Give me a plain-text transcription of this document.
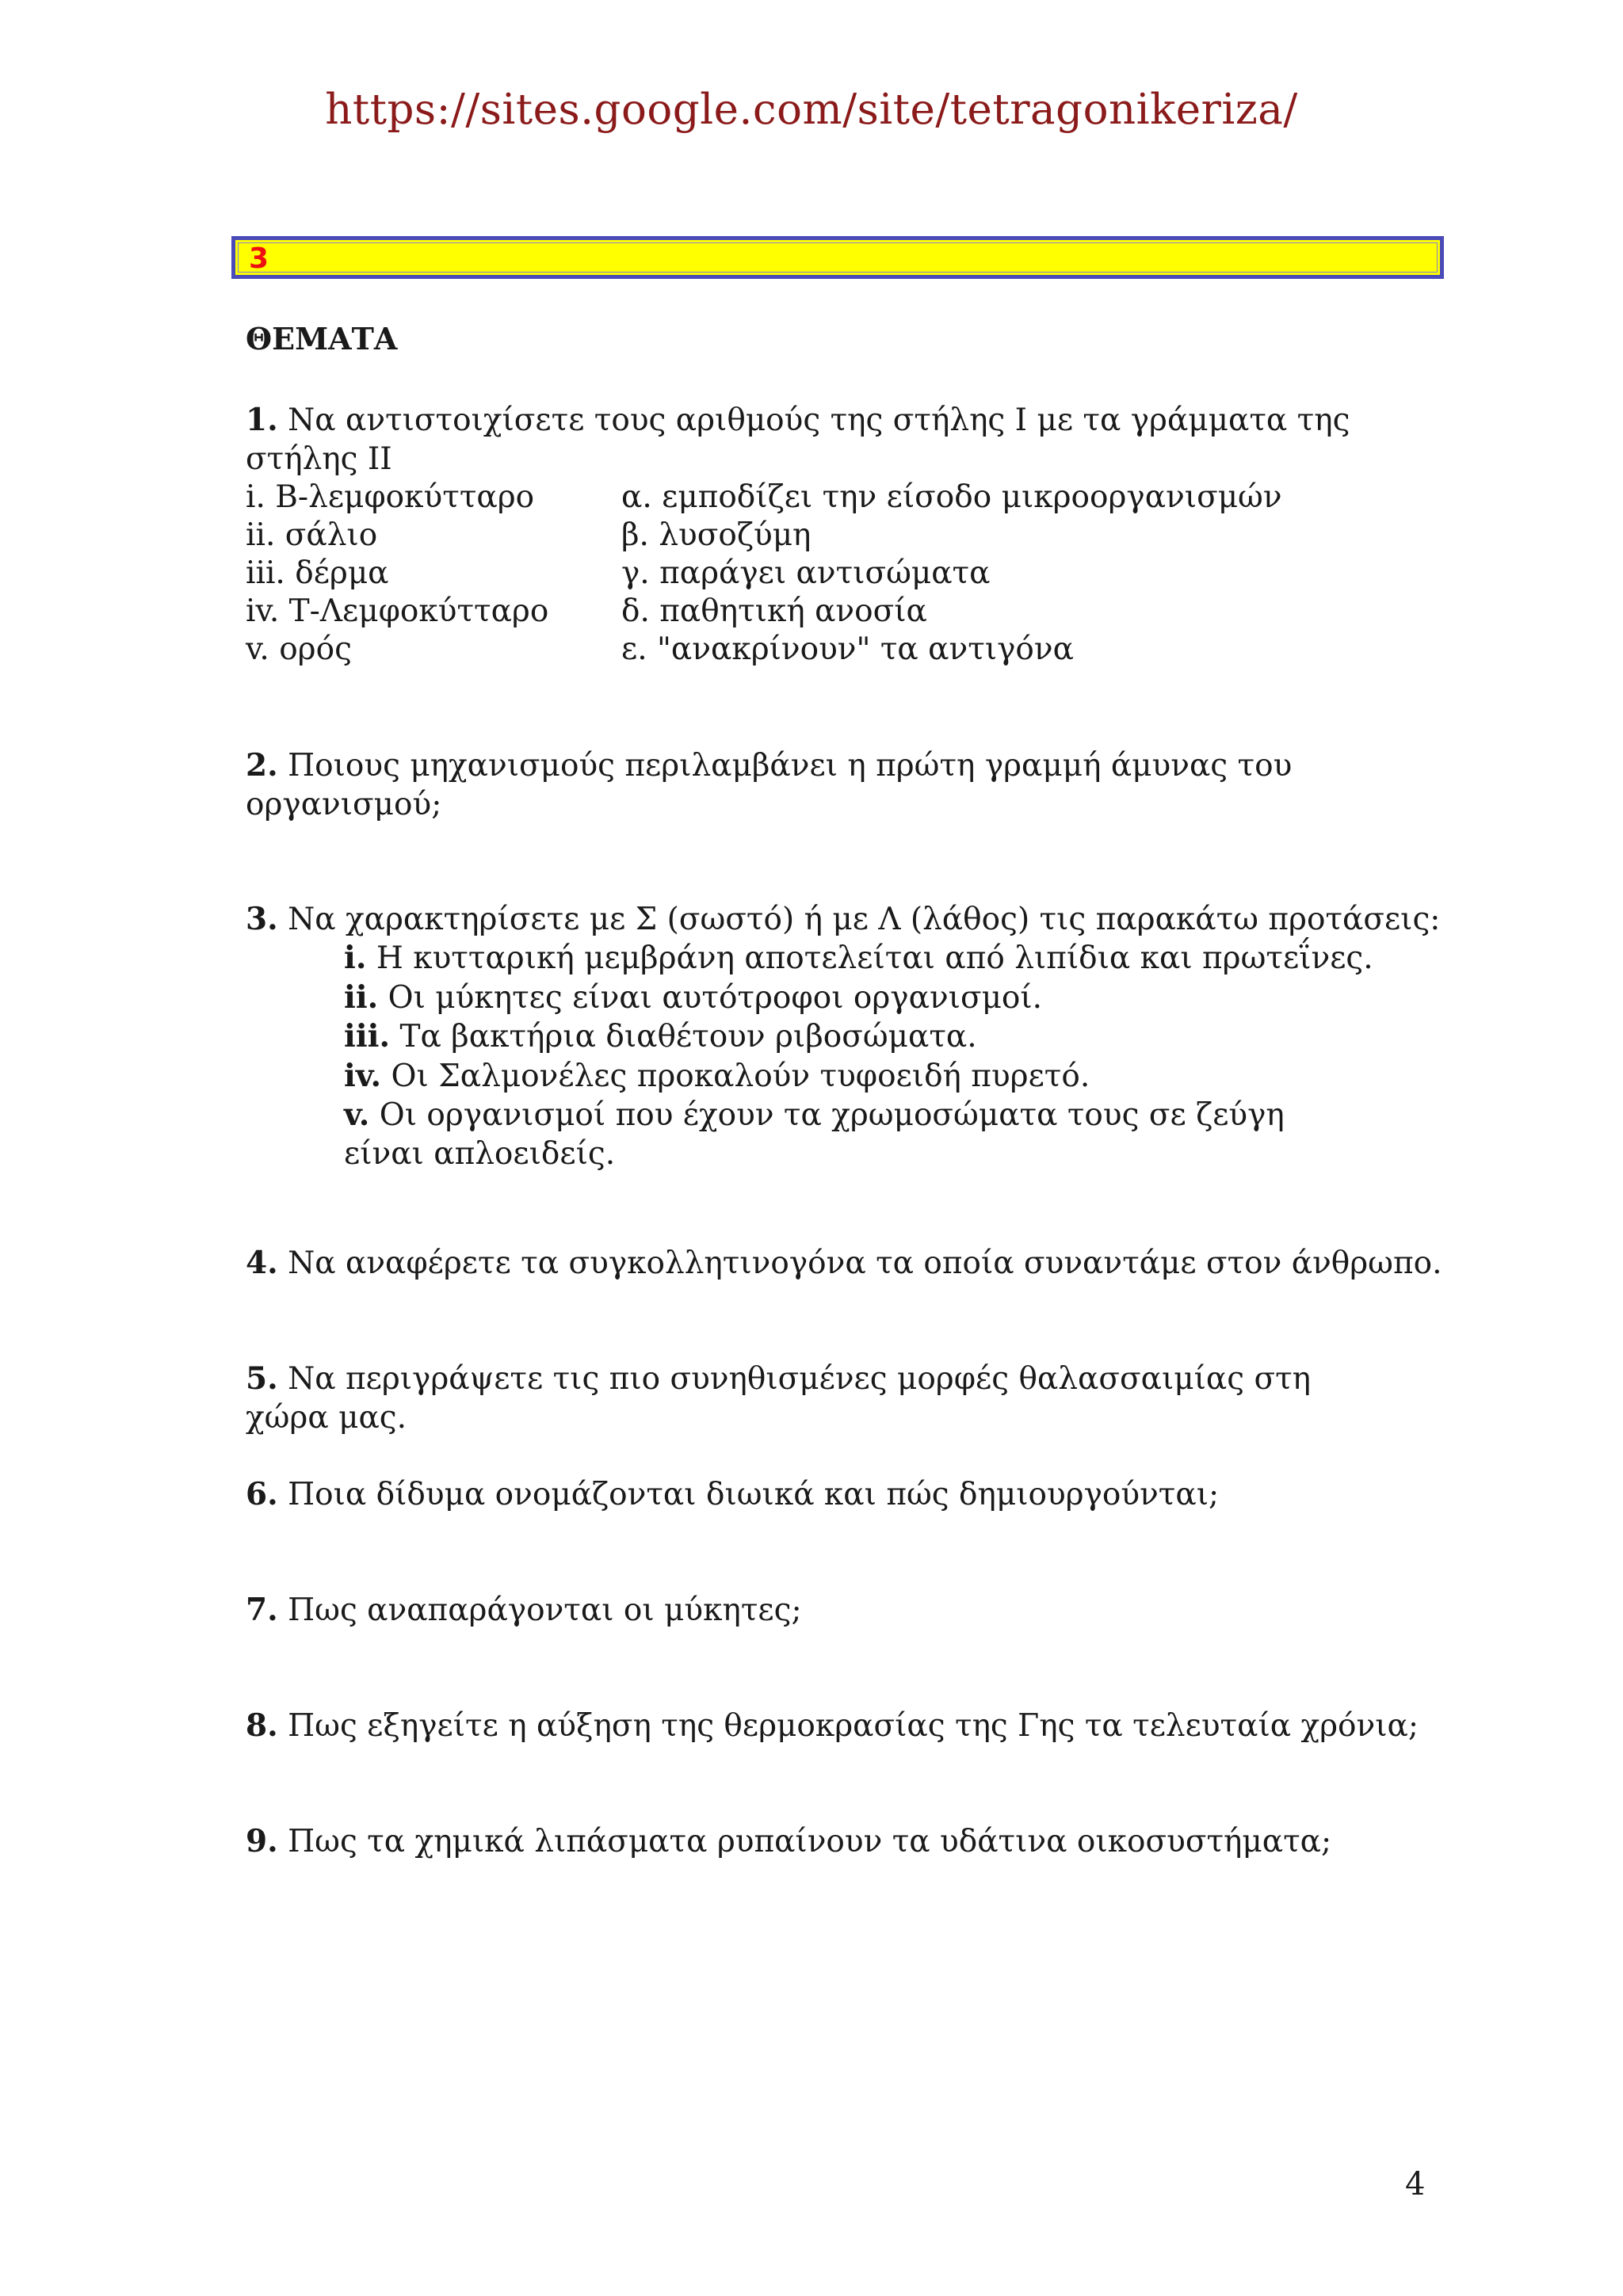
https://sites.google.com/site/tetragonikeriza/
3
ΘΕΜΑΤΑ
1. Να αντιστοιχίσετε τους αριθμούς της στήλης Ι με τα γράμματα της στήλης ΙΙ
i. Β-λεμφοκύτταρο	α. εμποδίζει την είσοδο μικροοργανισμών
ii. σάλιο	β. λυσοζύμη
iii. δέρμα	γ. παράγει αντισώματα
iv. Τ-Λεμφοκύτταρο δ. παθητική ανοσία
v. ορός	ε. "ανακρίνουν" τα αντιγόνα
2. Ποιους μηχανισμούς περιλαμβάνει η πρώτη γραμμή άμυνας του οργανισμού;
3. Να χαρακτηρίσετε με Σ (σωστό) ή με Λ (λάθος) τις παρακάτω προτάσεις:
i. Η κυτταρική μεμβράνη αποτελείται από λιπίδια και πρωτεΐνες.
ii. Οι μύκητες είναι αυτότροφοι οργανισμοί.
iii. Τα βακτήρια διαθέτουν ριβοσώματα.
iv. Οι Σαλμονέλες προκαλούν τυφοειδή πυρετό.
v. Οι οργανισμοί που έχουν τα χρωμοσώματα τους σε ζεύγη είναι απλοειδείς.
4. Να αναφέρετε τα συγκολλητινογόνα τα οποία συναντάμε στον άνθρωπο.
5. Να περιγράψετε τις πιο συνηθισμένες μορφές θαλασσαιμίας στη χώρα μας.
6. Ποια δίδυμα ονομάζονται διωικά και πώς δημιουργούνται;
7. Πως αναπαράγονται οι μύκητες;
8. Πως εξηγείτε η αύξηση της θερμοκρασίας της Γης τα τελευταία χρόνια;
9. Πως τα χημικά λιπάσματα ρυπαίνουν τα υδάτινα οικοσυστήματα;
4
